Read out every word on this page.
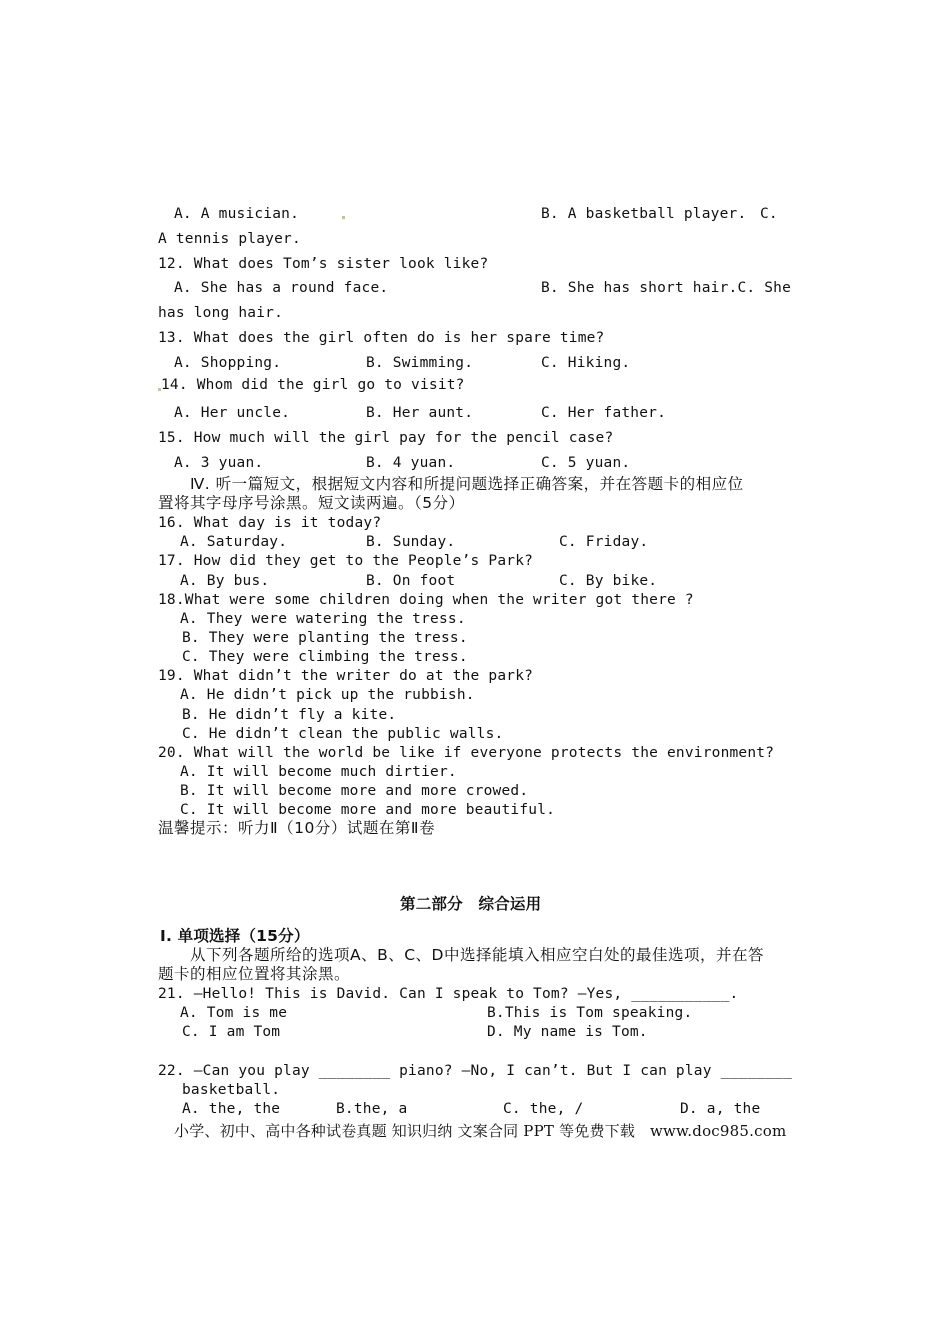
A. A musician.	B. A basketball player. C.
A tennis player.
12. What does Tom’s sister look like?
A. She has a round face.	B. She has short hair.C. She
has long hair.
13. What does the girl often do is her spare time?
A. Shopping.	B. Swimming.	C. Hiking.
14. Whom did the girl go to visit?
A. Her uncle.	B. Her aunt.	C. Her father.
15. How much will the girl pay for the pencil case?
A. 3 yuan.	B. 4 yuan.	C. 5 yuan.
Ⅳ. 听一篇短文，根据短文内容和所提问题选择正确答案，并在答题卡的相应位
置将其字母序号涂黑。短文读两遍。（5分）
16. What day is it today?
A. Saturday.	B. Sunday.	C. Friday.
17. How did they get to the People’s Park?
A. By bus.	B. On foot	C. By bike.
18.What were some children doing when the writer got there ?
A. They were watering the tress.
B. They were planting the tress.
C. They were climbing the tress.
19. What didn’t the writer do at the park?
A. He didn’t pick up the rubbish.
B. He didn’t fly a kite.
C. He didn’t clean the public walls.
20. What will the world be like if everyone protects the environment?
A. It will become much dirtier.
B. It will become more and more crowed.
C. It will become more and more beautiful.
温馨提示：听力Ⅱ（10分）试题在第Ⅱ卷
第二部分　综合运用
Ⅰ. 单项选择（15分）
从下列各题所给的选项A、B、C、D中选择能填入相应空白处的最佳选项，并在答
题卡的相应位置将其涂黑。
21. —Hello! This is David. Can I speak to Tom? —Yes, ___________.
A. Tom is me	B.This is Tom speaking.
C. I am Tom	D. My name is Tom.
22. —Can you play ________ piano? —No, I can’t. But I can play ________
basketball.
A. the, the	B.the, a	C. the, /	D. a, the
小学、初中、高中各种试卷真题 知识归纳 文案合同 PPT 等免费下载   www.doc985.com
